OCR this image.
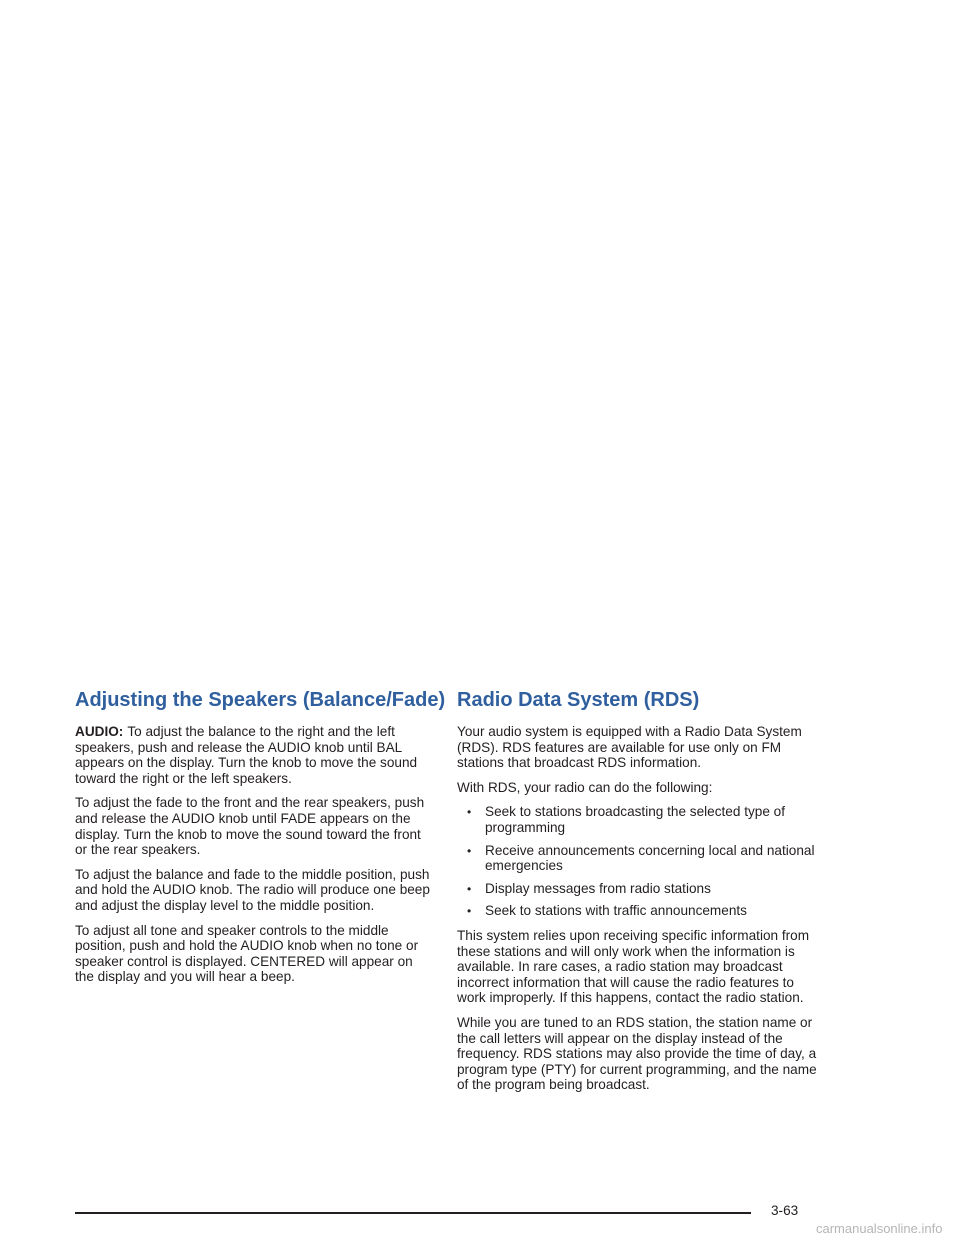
Adjusting the Speakers (Balance/Fade)

AUDIO: To adjust the balance to the right and the left speakers, push and release the AUDIO knob until BAL appears on the display. Turn the knob to move the sound toward the right or the left speakers.

To adjust the fade to the front and the rear speakers, push and release the AUDIO knob until FADE appears on the display. Turn the knob to move the sound toward the front or the rear speakers.

To adjust the balance and fade to the middle position, push and hold the AUDIO knob. The radio will produce one beep and adjust the display level to the middle position.

To adjust all tone and speaker controls to the middle position, push and hold the AUDIO knob when no tone or speaker control is displayed. CENTERED will appear on the display and you will hear a beep.

Radio Data System (RDS)

Your audio system is equipped with a Radio Data System (RDS). RDS features are available for use only on FM stations that broadcast RDS information.

With RDS, your radio can do the following:

• Seek to stations broadcasting the selected type of programming
• Receive announcements concerning local and national emergencies
• Display messages from radio stations
• Seek to stations with traffic announcements

This system relies upon receiving specific information from these stations and will only work when the information is available. In rare cases, a radio station may broadcast incorrect information that will cause the radio features to work improperly. If this happens, contact the radio station.

While you are tuned to an RDS station, the station name or the call letters will appear on the display instead of the frequency. RDS stations may also provide the time of day, a program type (PTY) for current programming, and the name of the program being broadcast.

3-63
carmanualsonline.info
